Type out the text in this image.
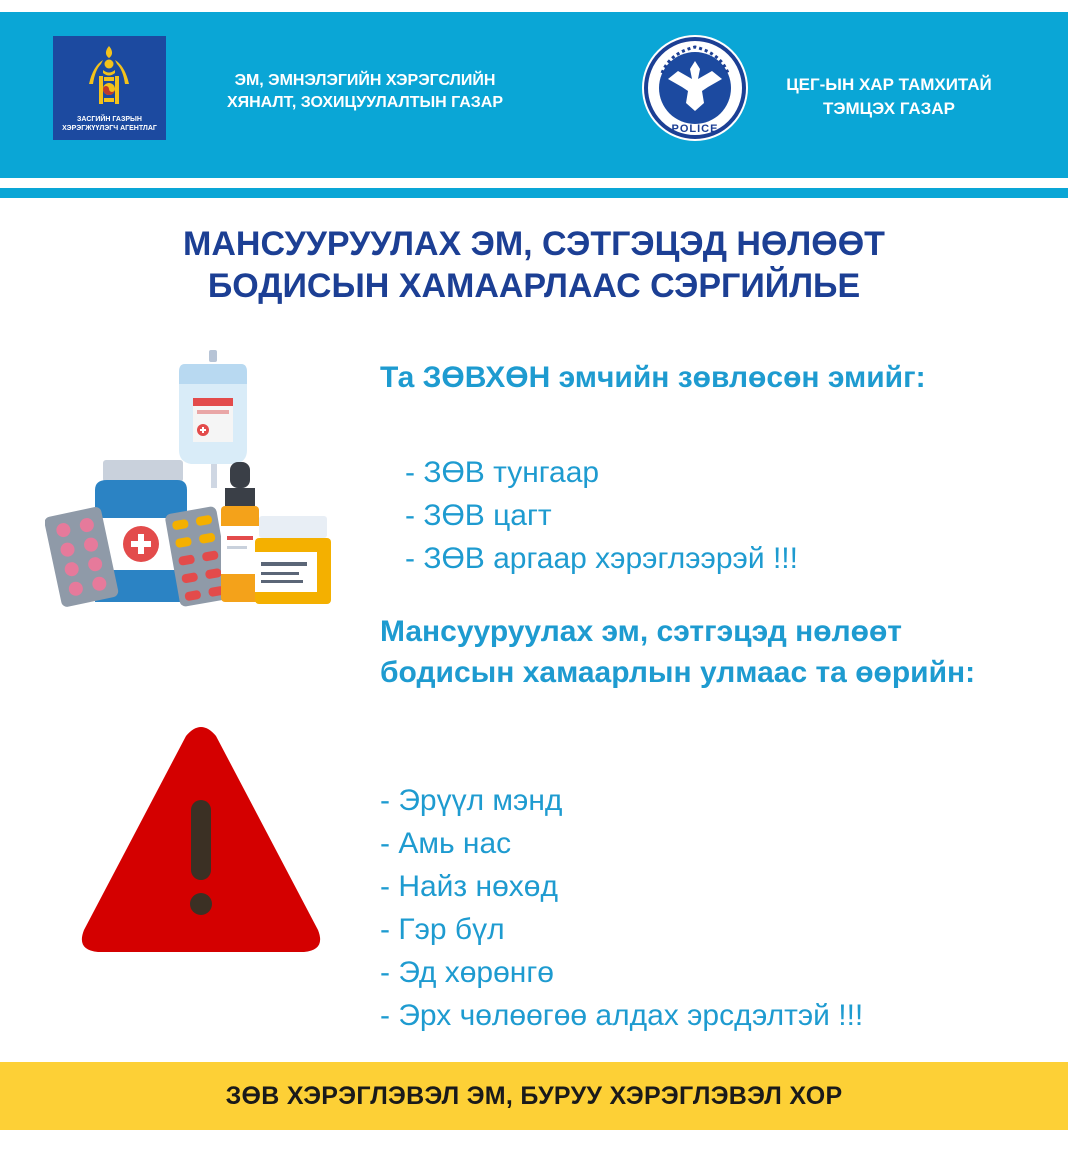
ЗАСГИЙН ГАЗРЫН
ХЭРЭГЖҮҮЛЭГЧ АГЕНТЛАГ
ЭМ, ЭМНЭЛЭГИЙН ХЭРЭГСЛИЙН
ХЯНАЛТ, ЗОХИЦУУЛАЛТЫН ГАЗАР
POLICE
ЦЕГ-ЫН ХАР ТАМХИТАЙ
ТЭМЦЭХ ГАЗАР
МАНСУУРУУЛАХ ЭМ, СЭТГЭЦЭД НӨЛӨӨТ
БОДИСЫН ХАМААРЛААС СЭРГИЙЛЬЕ
Та ЗӨВХӨН эмчийн зөвлөсөн эмийг:
- ЗӨВ тунгаар
- ЗӨВ цагт
- ЗӨВ аргаар хэрэглээрэй !!!
Мансууруулах эм, сэтгэцэд нөлөөт бодисын хамаарлын улмаас та өөрийн:
- Эрүүл мэнд
- Амь нас
- Найз нөхөд
- Гэр бүл
- Эд хөрөнгө
- Эрх чөлөөгөө алдах эрсдэлтэй !!!
ЗӨВ ХЭРЭГЛЭВЭЛ ЭМ, БУРУУ ХЭРЭГЛЭВЭЛ ХОР
